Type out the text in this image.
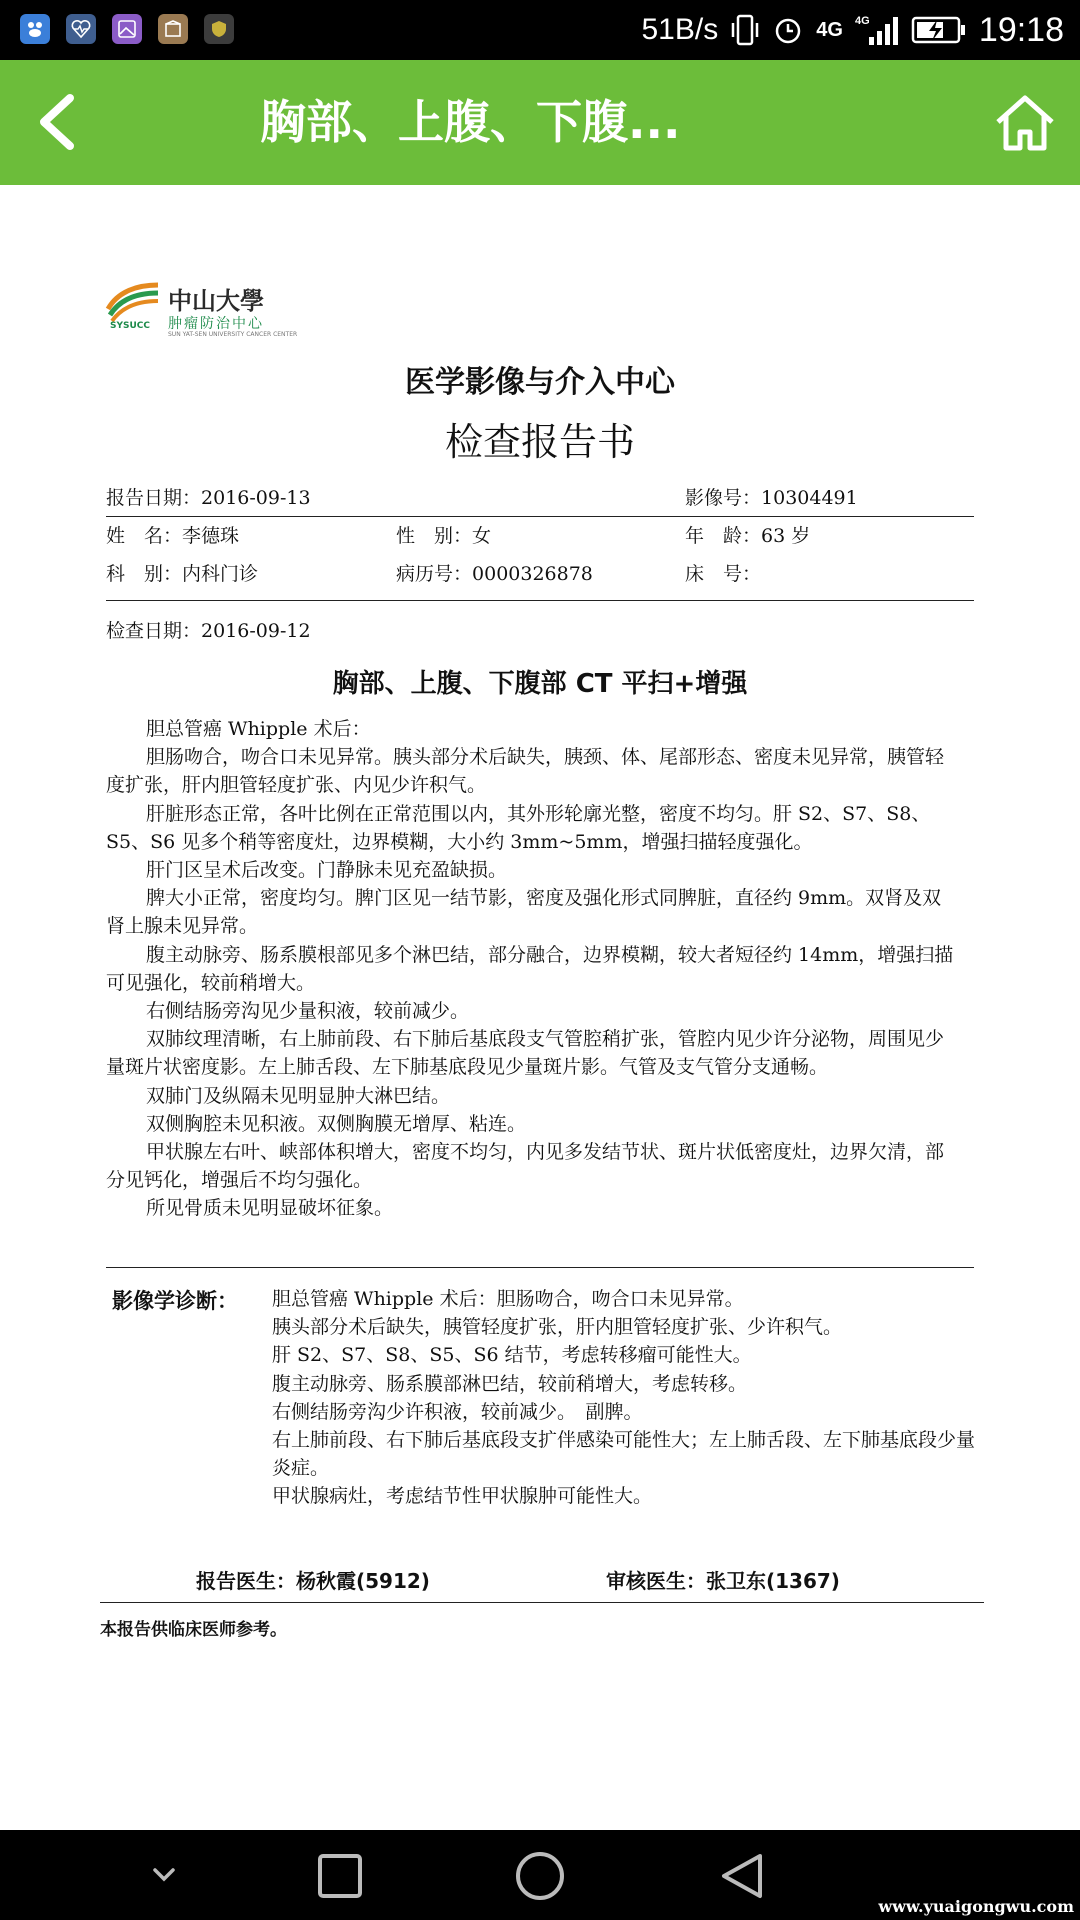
51B/s	4G 4G	19:18
胸部、上腹、下腹...
SYSUCC
中山大學
肿瘤防治中心
SUN YAT-SEN UNIVERSITY CANCER CENTER
医学影像与介入中心
检查报告书
报告日期：2016-09-13	影像号：10304491
姓　名：李德珠	性　别：女	年　龄：63 岁
科　别：内科门诊	病历号：0000326878	床　号：
检查日期：2016-09-12
胸部、上腹、下腹部 CT 平扫+增强

胆总管癌 Whipple 术后：

胆肠吻合，吻合口未见异常。胰头部分术后缺失，胰颈、体、尾部形态、密度未见异常，胰管轻度扩张，肝内胆管轻度扩张、内见少许积气。

肝脏形态正常，各叶比例在正常范围以内，其外形轮廓光整，密度不均匀。肝 S2、S7、S8、S5、S6 见多个稍等密度灶，边界模糊，大小约 3mm~5mm，增强扫描轻度强化。

肝门区呈术后改变。门静脉未见充盈缺损。

脾大小正常，密度均匀。脾门区见一结节影，密度及强化形式同脾脏，直径约 9mm。双肾及双肾上腺未见异常。

腹主动脉旁、肠系膜根部见多个淋巴结，部分融合，边界模糊，较大者短径约 14mm，增强扫描可见强化，较前稍增大。

右侧结肠旁沟见少量积液，较前减少。

双肺纹理清晰，右上肺前段、右下肺后基底段支气管腔稍扩张，管腔内见少许分泌物，周围见少量斑片状密度影。左上肺舌段、左下肺基底段见少量斑片影。气管及支气管分支通畅。

双肺门及纵隔未见明显肿大淋巴结。

双侧胸腔未见积液。双侧胸膜无增厚、粘连。

甲状腺左右叶、峡部体积增大，密度不均匀，内见多发结节状、斑片状低密度灶，边界欠清，部分见钙化，增强后不均匀强化。

所见骨质未见明显破坏征象。

影像学诊断： 胆总管癌 Whipple 术后：胆肠吻合，吻合口未见异常。

胰头部分术后缺失，胰管轻度扩张，肝内胆管轻度扩张、少许积气。

肝 S2、S7、S8、S5、S6 结节，考虑转移瘤可能性大。

腹主动脉旁、肠系膜部淋巴结，较前稍增大，考虑转移。

右侧结肠旁沟少许积液，较前减少。　副脾。

右上肺前段、右下肺后基底段支扩伴感染可能性大；左上肺舌段、左下肺基底段少量炎症。

甲状腺病灶，考虑结节性甲状腺肿可能性大。

报告医生：杨秋霞(5912)	审核医生：张卫东(1367)
本报告供临床医师参考。
www.yuaigongwu.com
